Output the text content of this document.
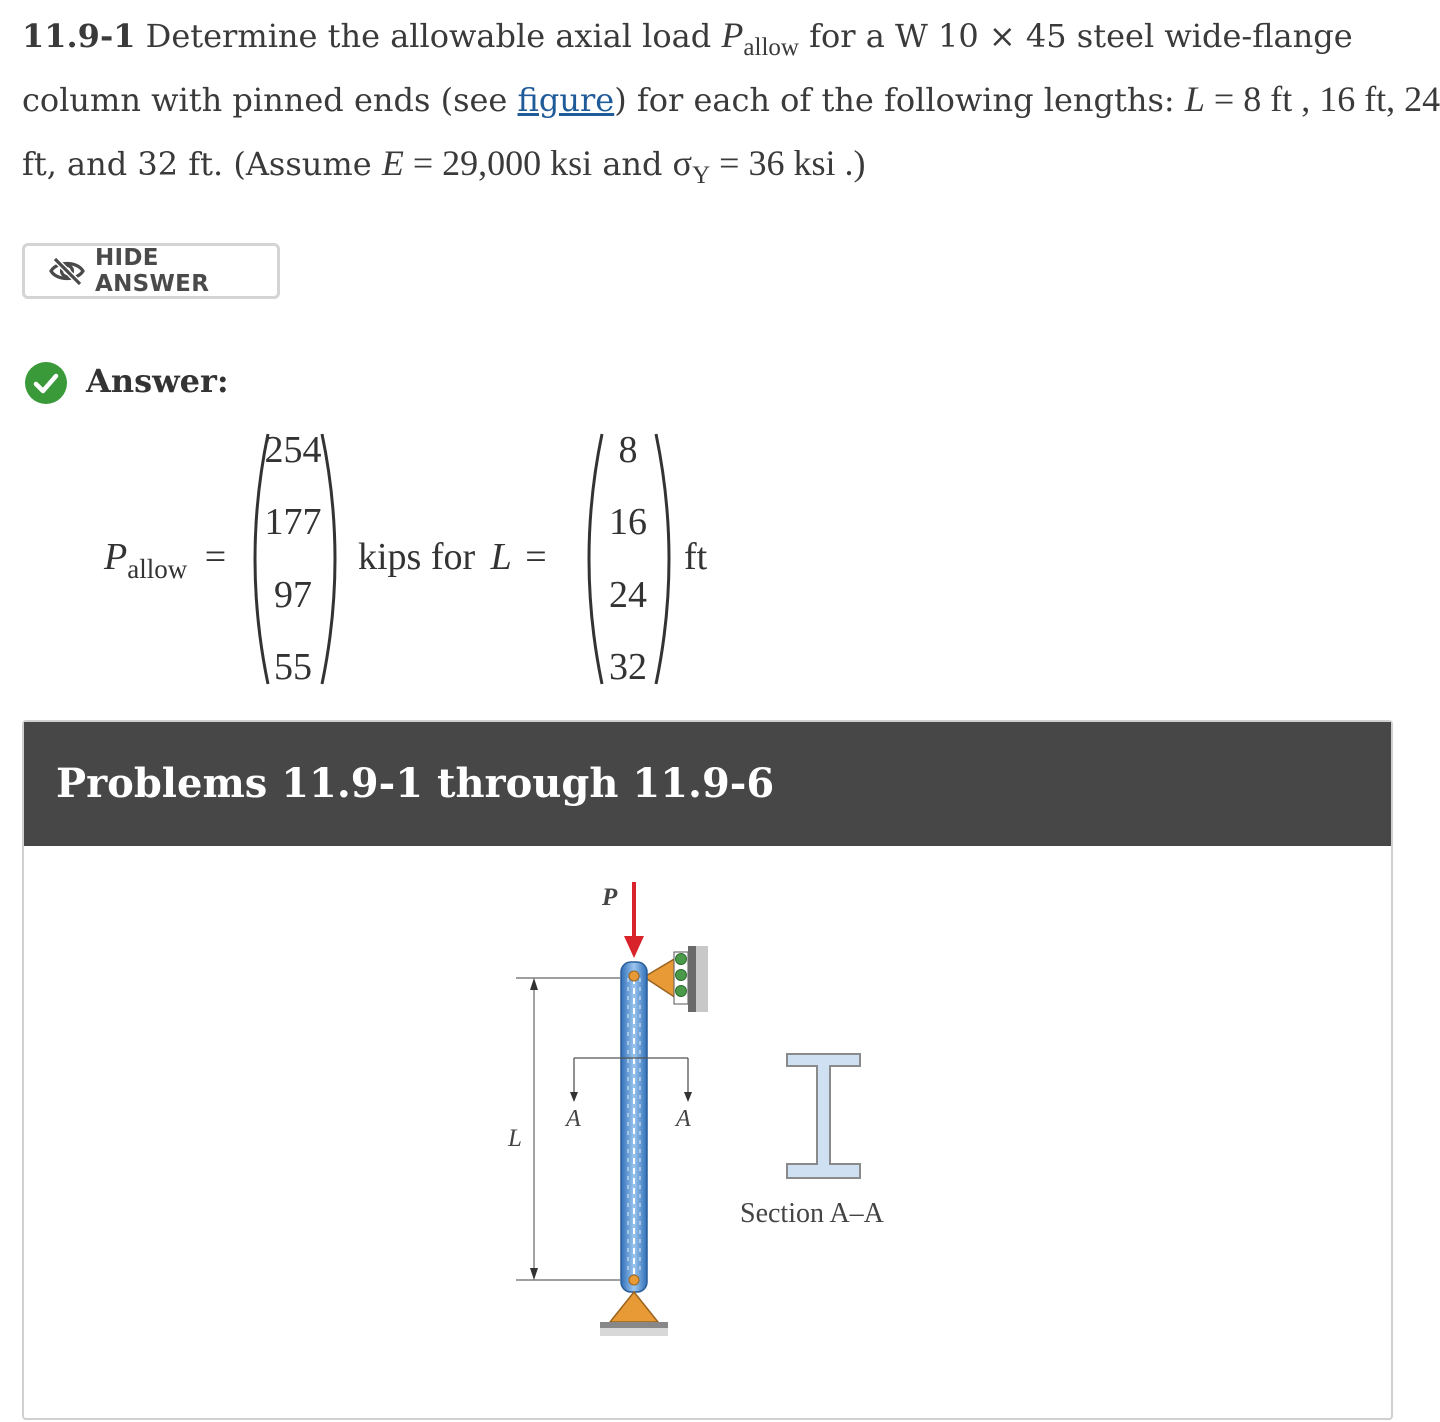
11.9-1 Determine the allowable axial load $P_{allow}$ for a W 10 × 45 steel wide-flange
column with pinned ends (see figure) for each of the following lengths: L = 8 ft , 16 ft, 24
ft, and 32 ft. (Assume E = 29,000 ksi and $\sigma_Y = 36$ ksi .)
HIDE ANSWER
Answer:
$P_{allow}$ =
254
177
97
55
kips for L =
8
16
24
32
ft
Problems 11.9-1 through 11.9-6
P
L
A	A
Section A–A
